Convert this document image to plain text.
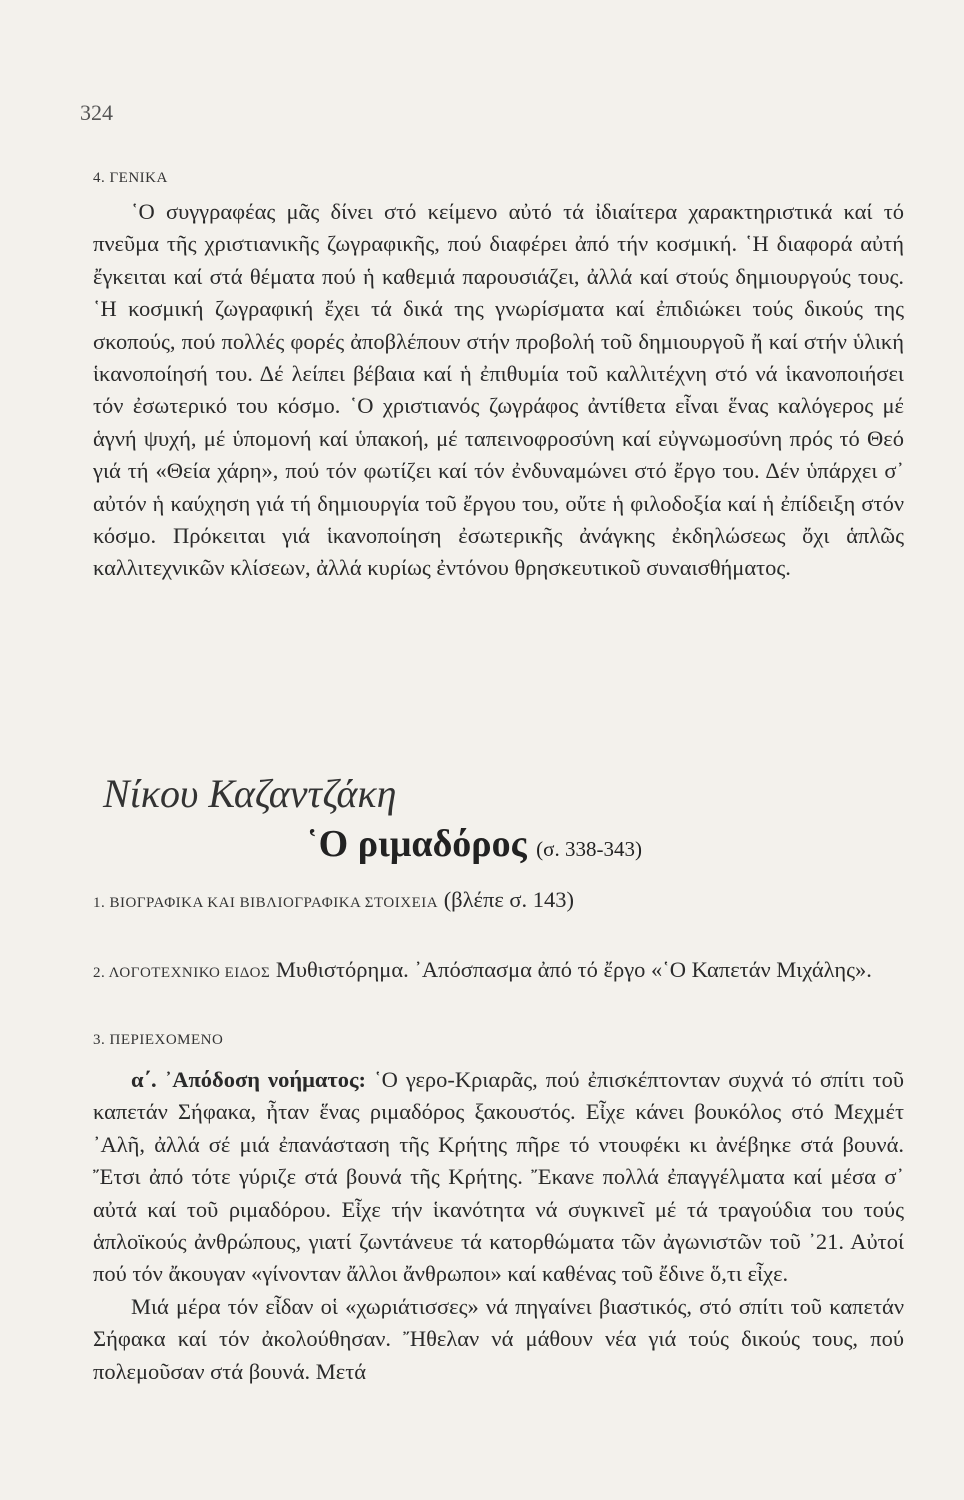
324
4. ΓΕΝΙΚΑ

῾Ο συγγραφέας μᾶς δίνει στό κείμενο αὐτό τά ἰδιαίτερα χαρακτηριστικά καί τό πνεῦμα τῆς χριστιανικῆς ζωγραφικῆς, πού διαφέρει ἀπό τήν κοσμική. ῾Η διαφορά αὐτή ἔγκειται καί στά θέματα πού ἡ καθεμιά παρουσιάζει, ἀλλά καί στούς δημιουργούς τους. ῾Η κοσμική ζωγραφική ἔχει τά δικά της γνωρίσματα καί ἐπιδιώκει τούς δικούς της σκοπούς, πού πολλές φορές ἀποβλέπουν στήν προβολή τοῦ δημιουργοῦ ἤ καί στήν ὑλική ἱκανοποίησή του. Δέ λείπει βέβαια καί ἡ ἐπιθυμία τοῦ καλλιτέχνη στό νά ἱκανοποιήσει τόν ἐσωτερικό του κόσμο. ῾Ο χριστιανός ζωγράφος ἀντίθετα εἶναι ἕνας καλόγερος μέ ἁγνή ψυχή, μέ ὑπομονή καί ὑπακοή, μέ ταπεινοφροσύνη καί εὐγνωμοσύνη πρός τό Θεό γιά τή «Θεία χάρη», πού τόν φωτίζει καί τόν ἐνδυναμώνει στό ἔργο του. Δέν ὑπάρχει σ᾽ αὐτόν ἡ καύχηση γιά τή δημιουργία τοῦ ἔργου του, οὔτε ἡ φιλοδοξία καί ἡ ἐπίδειξη στόν κόσμο. Πρόκειται γιά ἱκανοποίηση ἐσωτερικῆς ἀνάγκης ἐκδηλώσεως ὄχι ἁπλῶς καλλιτεχνικῶν κλίσεων, ἀλλά κυρίως ἐντόνου θρησκευτικοῦ συναισθήματος.

Νίκου Καζαντζάκη
῾Ο ριμαδόρος (σ. 338-343)
1. ΒΙΟΓΡΑΦΙΚΑ ΚΑΙ ΒΙΒΛΙΟΓΡΑΦΙΚΑ ΣΤΟΙΧΕΙΑ (βλέπε σ. 143)

2. ΛΟΓΟΤΕΧΝΙΚΟ ΕΙΔΟΣ Μυθιστόρημα. ᾿Απόσπασμα ἀπό τό ἔργο «῾Ο Καπετάν Μιχάλης».

3. ΠΕΡΙΕΧΟΜΕΝΟ

α΄. ᾿Απόδοση νοήματος: ῾Ο γερο-Κριαρᾶς, πού ἐπισκέπτονταν συχνά τό σπίτι τοῦ καπετάν Σήφακα, ἦταν ἕνας ριμαδόρος ξακουστός. Εἶχε κάνει βουκόλος στό Μεχμέτ ᾿Αλῆ, ἀλλά σέ μιά ἐπανάσταση τῆς Κρήτης πῆρε τό ντουφέκι κι ἀνέβηκε στά βουνά. Ἔτσι ἀπό τότε γύριζε στά βουνά τῆς Κρήτης. Ἔκανε πολλά ἐπαγγέλματα καί μέσα σ᾽ αὐτά καί τοῦ ριμαδόρου. Εἶχε τήν ἱκανότητα νά συγκινεῖ μέ τά τραγούδια του τούς ἁπλοϊκούς ἀνθρώπους, γιατί ζωντάνευε τά κατορθώματα τῶν ἀγωνιστῶν τοῦ ᾿21. Αὐτοί πού τόν ἄκουγαν «γίνονταν ἄλλοι ἄνθρωποι» καί καθένας τοῦ ἔδινε ὅ,τι εἶχε.

Μιά μέρα τόν εἶδαν οἱ «χωριάτισσες» νά πηγαίνει βιαστικός, στό σπίτι τοῦ καπετάν Σήφακα καί τόν ἀκολούθησαν. Ἤθελαν νά μάθουν νέα γιά τούς δικούς τους, πού πολεμοῦσαν στά βουνά. Μετά
